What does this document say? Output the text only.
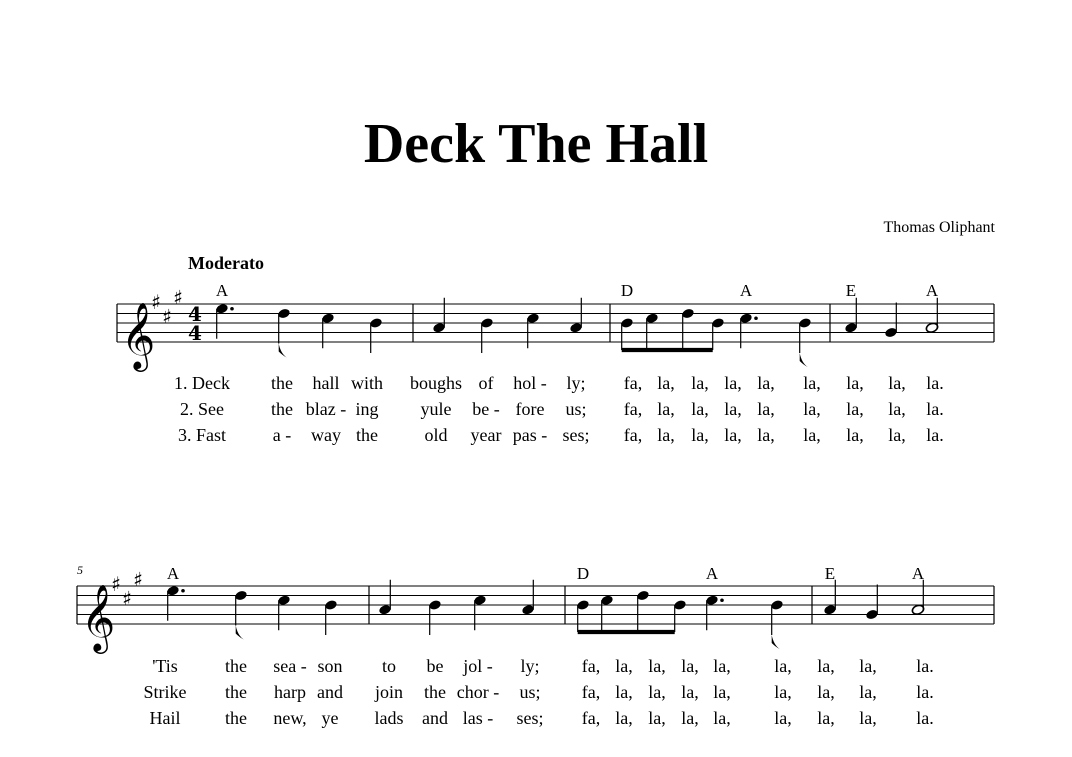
Deck The Hall
Thomas Oliphant
Moderato
𝄞
♯
♯
♯
4
4
A	D	A	E	A
1. Deck the hall with boughs of hol - ly; fa, la, la, la, la, la, la, la, la.
2. See	the blaz - ing yule be - fore us; fa, la, la, la, la, la, la, la, la.
3. Fast	a - way the	old year pas - ses; fa, la, la, la, la, la, la, la, la.
𝄞
♯
♯
♯
5	A	D	A	E	A
'Tis	the sea - son to be jol - ly; fa, la, la, la, la, la, la, la, la.
Strike the harp and join the chor - us; fa, la, la, la, la, la, la, la, la.
Hail the new, ye lads and las - ses; fa, la, la, la, la, la, la, la, la.
